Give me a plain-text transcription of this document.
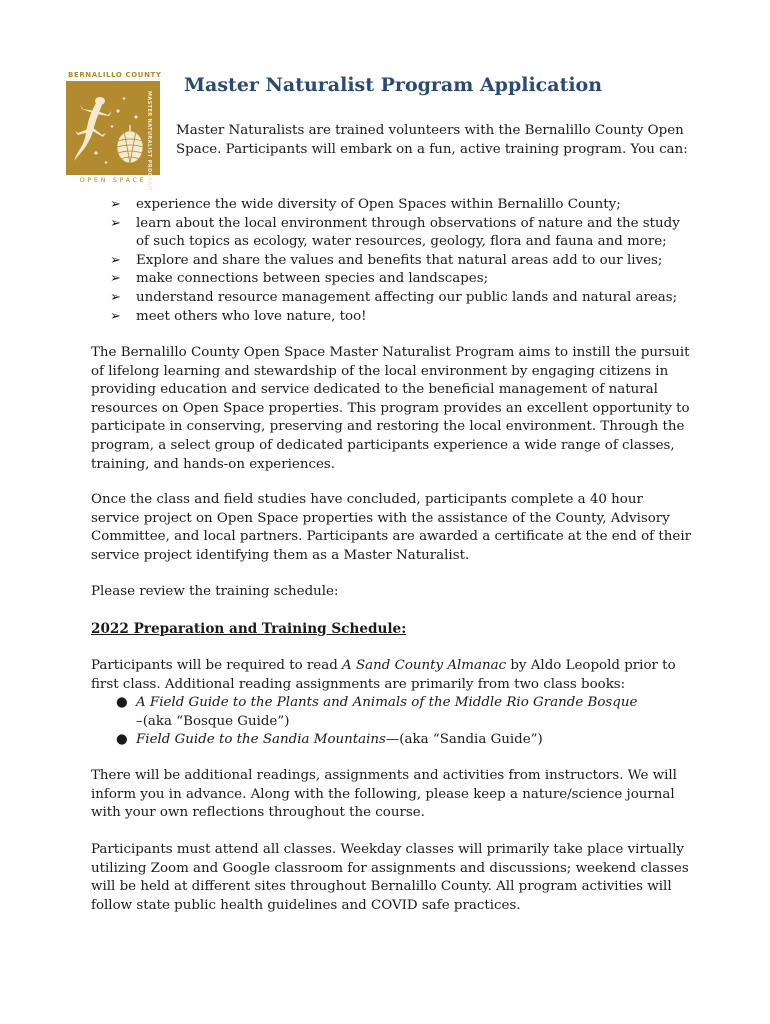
BERNALILLO COUNTY
MASTER NATURALIST PROGRAM
OPEN SPACE
Master Naturalist Program Application
Master Naturalists are trained volunteers with the Bernalillo County Open Space. Participants will embark on a fun, active training program. You can:
➢ experience the wide diversity of Open Spaces within Bernalillo County;
➢ learn about the local environment through observations of nature and the study of such topics as ecology, water resources, geology, flora and fauna and more;
➢ Explore and share the values and benefits that natural areas add to our lives;
➢ make connections between species and landscapes;
➢ understand resource management affecting our public lands and natural areas;
➢ meet others who love nature, too!

The Bernalillo County Open Space Master Naturalist Program aims to instill the pursuit of lifelong learning and stewardship of the local environment by engaging citizens in providing education and service dedicated to the beneficial management of natural resources on Open Space properties. This program provides an excellent opportunity to participate in conserving, preserving and restoring the local environment. Through the program, a select group of dedicated participants experience a wide range of classes, training, and hands-on experiences.

Once the class and field studies have concluded, participants complete a 40 hour service project on Open Space properties with the assistance of the County, Advisory Committee, and local partners. Participants are awarded a certificate at the end of their service project identifying them as a Master Naturalist.

Please review the training schedule:

2022 Preparation and Training Schedule:

Participants will be required to read A Sand County Almanac by Aldo Leopold prior to first class. Additional reading assignments are primarily from two class books:

● A Field Guide to the Plants and Animals of the Middle Rio Grande Bosque
–(aka “Bosque Guide”)
● Field Guide to the Sandia Mountains—(aka “Sandia Guide”)

There will be additional readings, assignments and activities from instructors. We will inform you in advance. Along with the following, please keep a nature/science journal with your own reflections throughout the course.

Participants must attend all classes. Weekday classes will primarily take place virtually utilizing Zoom and Google classroom for assignments and discussions; weekend classes will be held at different sites throughout Bernalillo County. All program activities will follow state public health guidelines and COVID safe practices.
